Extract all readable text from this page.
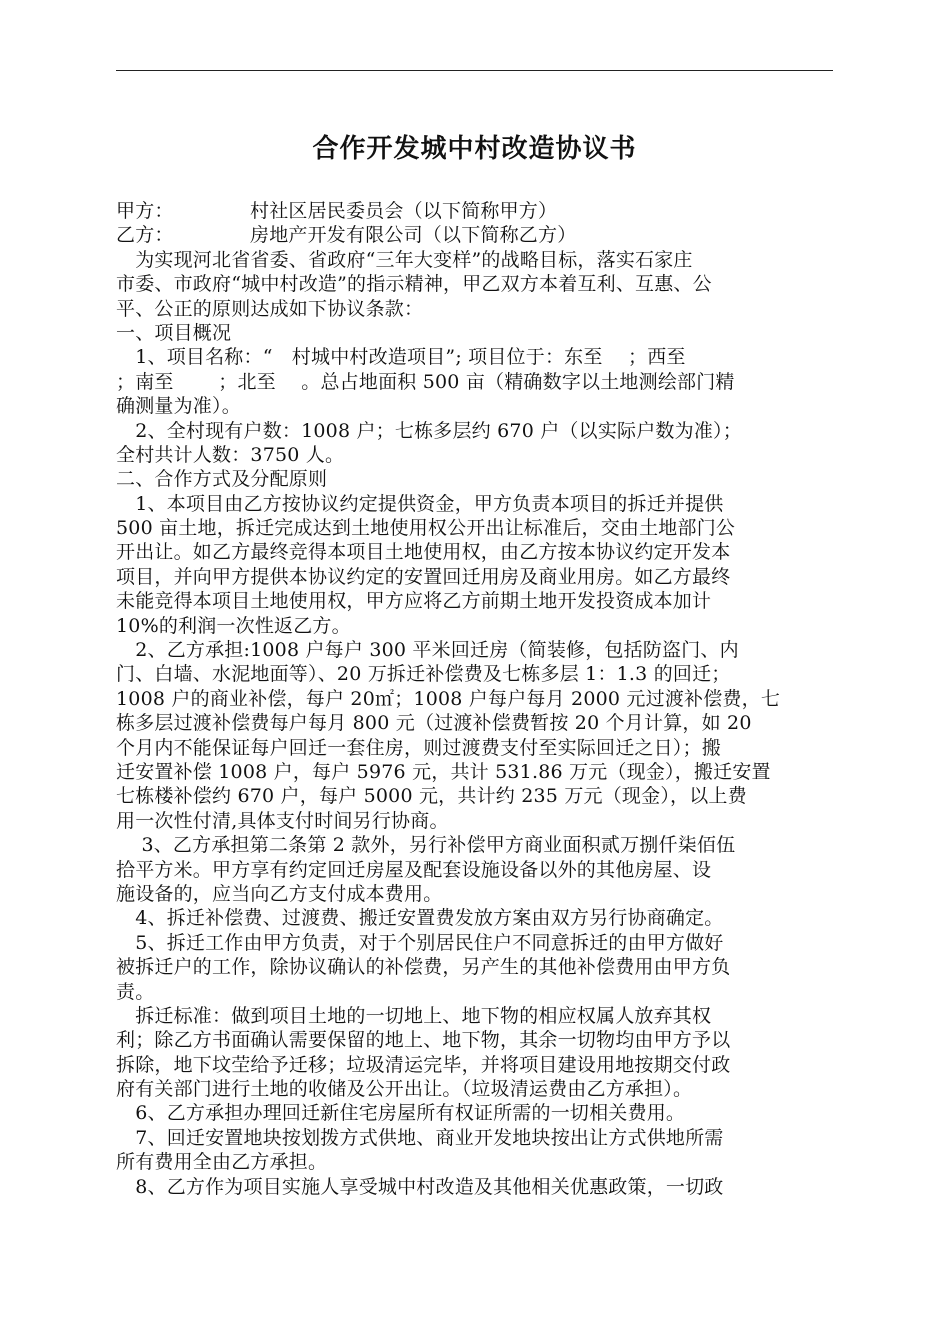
合作开发城中村改造协议书
甲方：	村社区居民委员会（以下简称甲方）
乙方：	房地产开发有限公司（以下简称乙方）
　为实现河北省省委、省政府“三年大变样”的战略目标，落实石家庄
市委、市政府“城中村改造”的指示精神，甲乙双方本着互利、互惠、公
平、公正的原则达成如下协议条款：
一、项目概况
　1、项目名称：“　村城中村改造项目”; 项目位于：东至　 ；西至
；南至　　 ；北至　 。总占地面积 500 亩（精确数字以土地测绘部门精
确测量为准）。
　2、全村现有户数：1008 户；七栋多层约 670 户（以实际户数为准）；
全村共计人数：3750 人。
二、合作方式及分配原则
　1、本项目由乙方按协议约定提供资金，甲方负责本项目的拆迁并提供
500 亩土地，拆迁完成达到土地使用权公开出让标准后，交由土地部门公
开出让。如乙方最终竞得本项目土地使用权，由乙方按本协议约定开发本
项目，并向甲方提供本协议约定的安置回迁用房及商业用房。如乙方最终
未能竞得本项目土地使用权，甲方应将乙方前期土地开发投资成本加计
10%的利润一次性返乙方。
　2、乙方承担:1008 户每户 300 平米回迁房（简装修，包括防盗门、内
门、白墙、水泥地面等）、20 万拆迁补偿费及七栋多层 1：1.3 的回迁；
1008 户的商业补偿，每户 20㎡；1008 户每户每月 2000 元过渡补偿费，七
栋多层过渡补偿费每户每月 800 元（过渡补偿费暂按 20 个月计算，如 20
个月内不能保证每户回迁一套住房，则过渡费支付至实际回迁之日）；搬
迁安置补偿 1008 户，每户 5976 元，共计 531.86 万元（现金），搬迁安置
七栋楼补偿约 670 户，每户 5000 元，共计约 235 万元（现金），以上费
用一次性付清,具体支付时间另行协商。
　 3、乙方承担第二条第 2 款外，另行补偿甲方商业面积贰万捌仟柒佰伍
拾平方米。甲方享有约定回迁房屋及配套设施设备以外的其他房屋、设
施设备的，应当向乙方支付成本费用。
　4、拆迁补偿费、过渡费、搬迁安置费发放方案由双方另行协商确定。
　5、拆迁工作由甲方负责，对于个别居民住户不同意拆迁的由甲方做好
被拆迁户的工作，除协议确认的补偿费，另产生的其他补偿费用由甲方负
责。
　拆迁标准：做到项目土地的一切地上、地下物的相应权属人放弃其权
利；除乙方书面确认需要保留的地上、地下物，其余一切物均由甲方予以
拆除，地下坟茔给予迁移；垃圾清运完毕，并将项目建设用地按期交付政
府有关部门进行土地的收储及公开出让。（垃圾清运费由乙方承担）。
　6、乙方承担办理回迁新住宅房屋所有权证所需的一切相关费用。
　7、回迁安置地块按划拨方式供地、商业开发地块按出让方式供地所需
所有费用全由乙方承担。
　8、乙方作为项目实施人享受城中村改造及其他相关优惠政策，一切政
